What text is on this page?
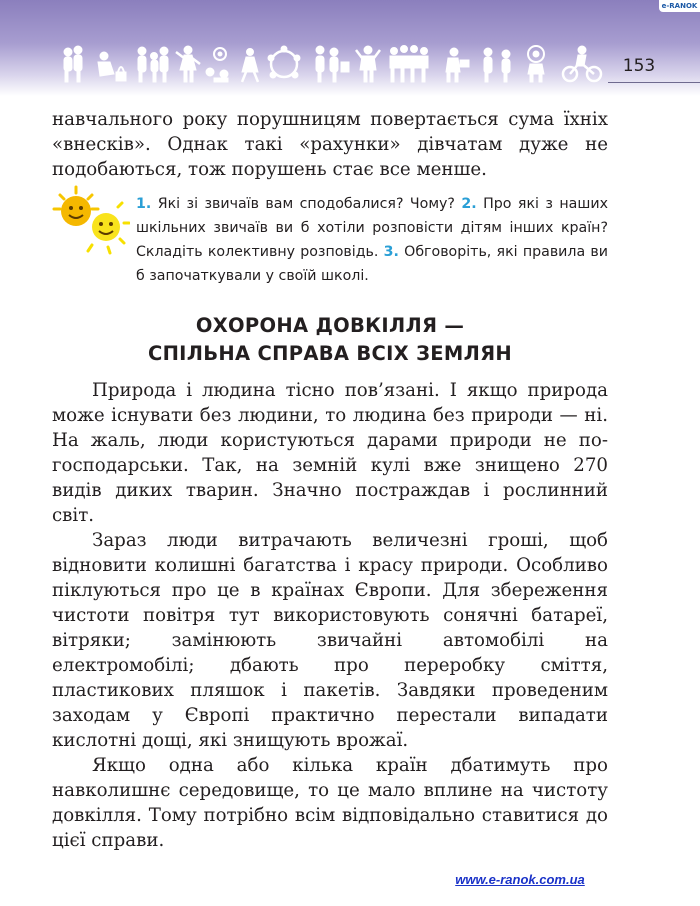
e-RANOK
153

навчального року порушницям повертається сума їхніх «внесків». Однак такі «рахунки» дівчатам дуже не подобаються, тож порушень стає все менше.

1. Які зі звичаїв вам сподобалися? Чому? 2. Про які з наших шкільних звичаїв ви б хотіли розповісти дітям інших країн? Складіть колективну розповідь. 3. Обговоріть, які правила ви б започаткували у своїй школі.

ОХОРОНА ДОВКІЛЛЯ —
СПІЛЬНА СПРАВА ВСІХ ЗЕМЛЯН

Природа і людина тісно пов’язані. І якщо природа може існувати без людини, то людина без природи — ні. На жаль, люди користуються дарами природи не по-господарськи. Так, на земній кулі вже знищено 270 видів диких тварин. Значно постраждав і рослинний світ.

Зараз люди витрачають величезні гроші, щоб відновити колишні багатства і красу природи. Особливо піклуються про це в країнах Європи. Для збереження чистоти повітря тут використовують сонячні батареї, вітряки; замінюють звичайні автомобілі на електромобілі; дбають про переробку сміття, пластикових пляшок і пакетів. Завдяки проведеним заходам у Європі практично перестали випадати кислотні дощі, які знищують врожаї.

Якщо одна або кілька країн дбатимуть про навколишнє середовище, то це мало вплине на чистоту довкілля. Тому потрібно всім відповідально ставитися до цієї справи.

www.e-ranok.com.ua
